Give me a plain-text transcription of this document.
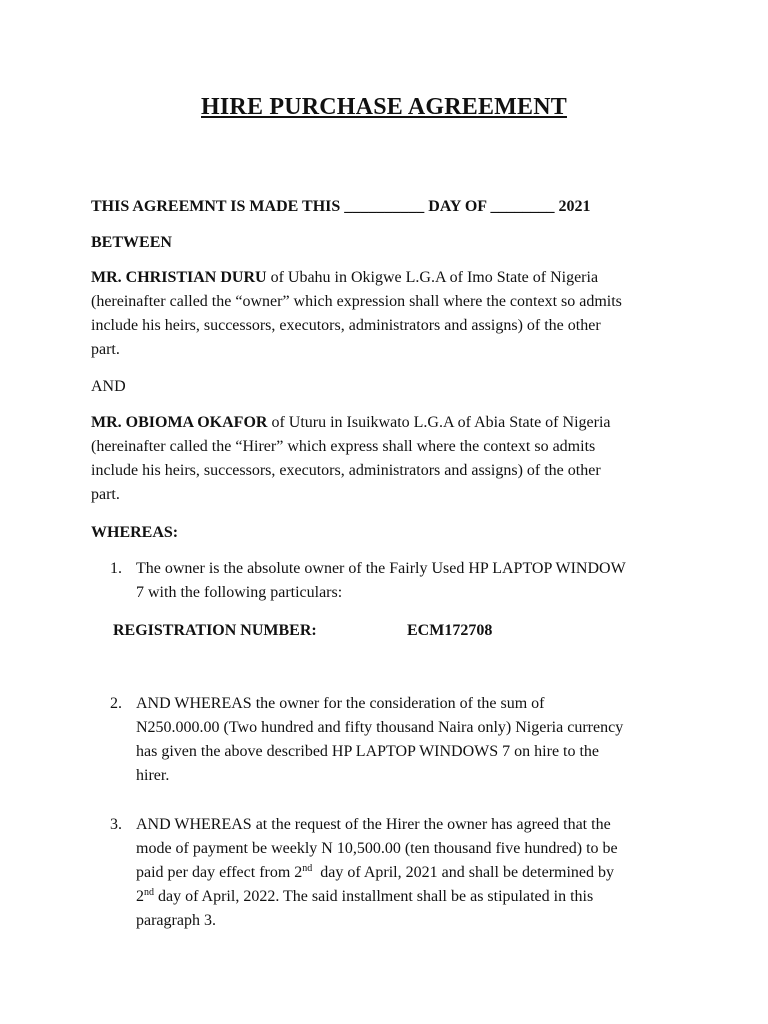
HIRE PURCHASE AGREEMENT

THIS AGREEMNT IS MADE THIS __________ DAY OF ________ 2021

BETWEEN

MR. CHRISTIAN DURU of Ubahu in Okigwe L.G.A of Imo State of Nigeria
(hereinafter called the “owner” which expression shall where the context so admits
include his heirs, successors, executors, administrators and assigns) of the other
part.

AND

MR. OBIOMA OKAFOR of Uturu in Isuikwato L.G.A of Abia State of Nigeria
(hereinafter called the “Hirer” which express shall where the context so admits
include his heirs, successors, executors, administrators and assigns) of the other
part.

WHEREAS:

1. The owner is the absolute owner of the Fairly Used HP LAPTOP WINDOW
7 with the following particulars:

REGISTRATION NUMBER:	ECM172708

2. AND WHEREAS the owner for the consideration of the sum of
N250.000.00 (Two hundred and fifty thousand Naira only) Nigeria currency
has given the above described HP LAPTOP WINDOWS 7 on hire to the
hirer.
3. AND WHEREAS at the request of the Hirer the owner has agreed that the
mode of payment be weekly N 10,500.00 (ten thousand five hundred) to be
paid per day effect from 2nd  day of April, 2021 and shall be determined by
2nd day of April, 2022. The said installment shall be as stipulated in this
paragraph 3.
